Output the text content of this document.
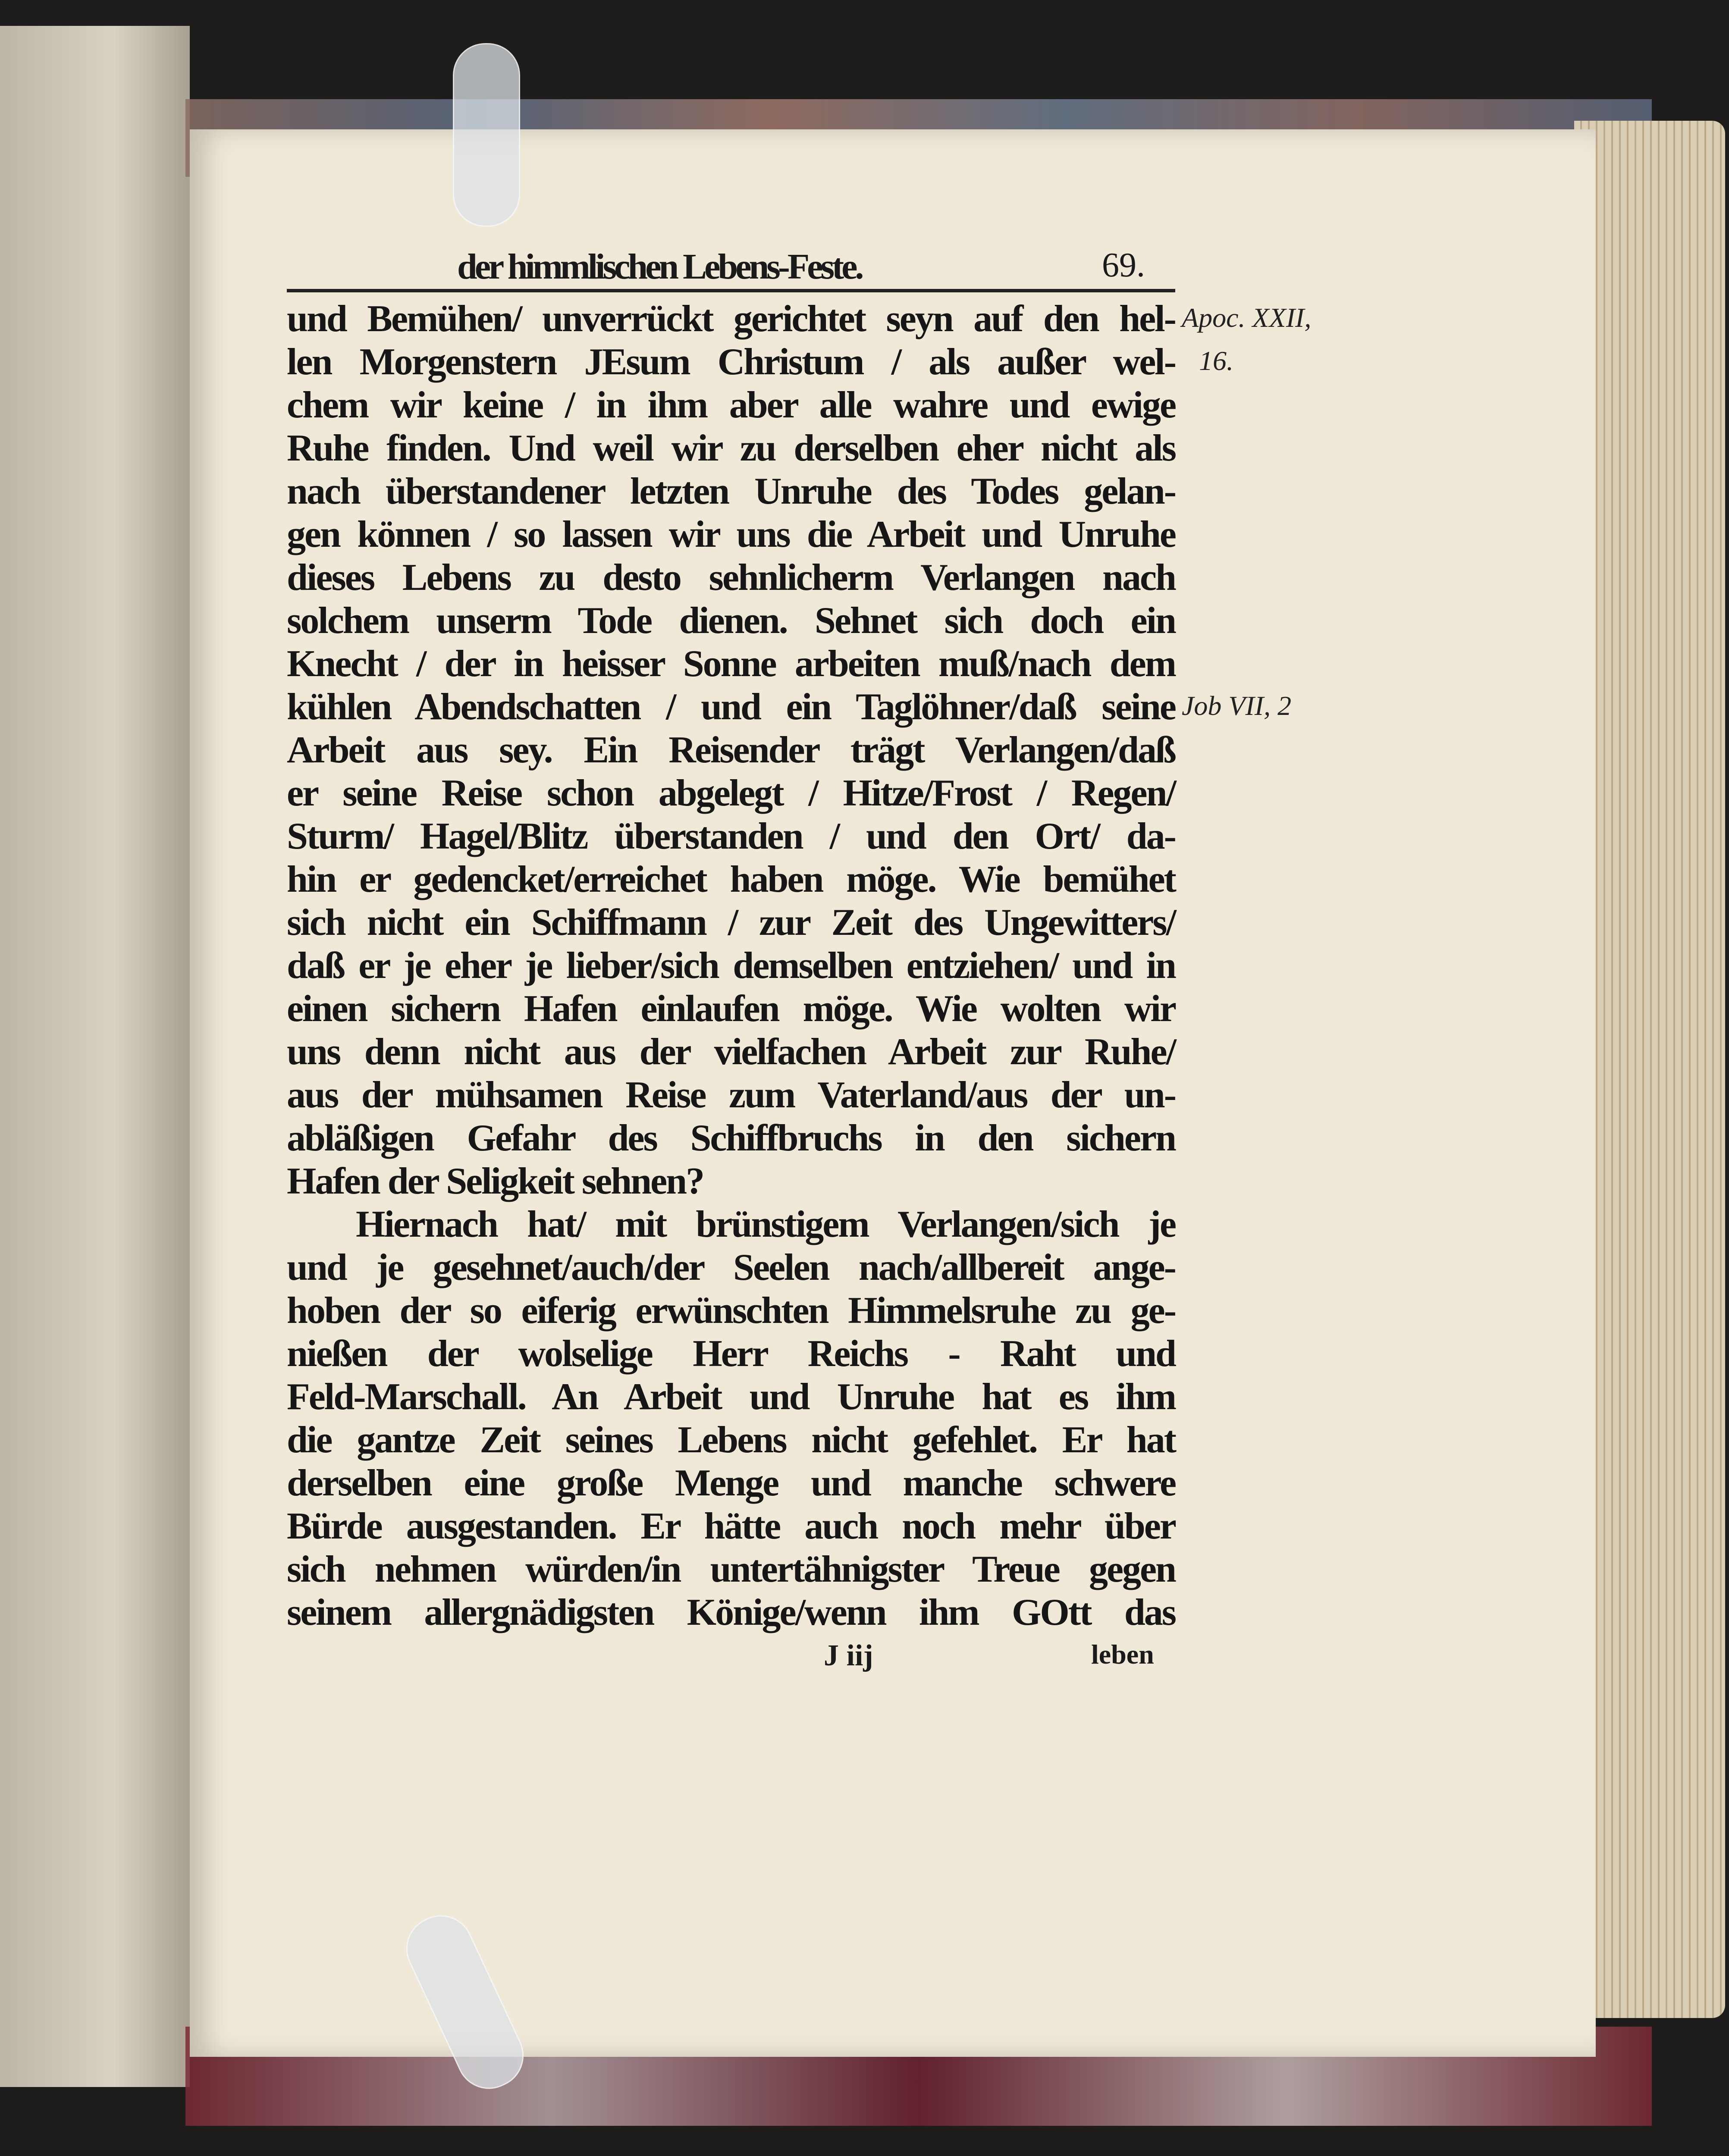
der himmlischen Lebens-Feste.	69.
und Bemühen/ unverrückt gerichtet seyn auf den hel-
len Morgenstern JEsum Christum / als außer wel-
chem wir keine / in ihm aber alle wahre und ewige
Ruhe finden. Und weil wir zu derselben eher nicht als
nach überstandener letzten Unruhe des Todes gelan-
gen können / so lassen wir uns die Arbeit und Unruhe
dieses Lebens zu desto sehnlicherm Verlangen nach
solchem unserm Tode dienen. Sehnet sich doch ein
Knecht / der in heisser Sonne arbeiten muß/nach dem
kühlen Abendschatten / und ein Taglöhner/daß seine
Arbeit aus sey. Ein Reisender trägt Verlangen/daß
er seine Reise schon abgelegt / Hitze/Frost / Regen/
Sturm/ Hagel/Blitz überstanden / und den Ort/ da-
hin er gedencket/erreichet haben möge. Wie bemühet
sich nicht ein Schiffmann / zur Zeit des Ungewitters/
daß er je eher je lieber/sich demselben entziehen/ und in
einen sichern Hafen einlaufen möge. Wie wolten wir
uns denn nicht aus der vielfachen Arbeit zur Ruhe/
aus der mühsamen Reise zum Vaterland/aus der un-
abläßigen Gefahr des Schiffbruchs in den sichern
Hafen der Seligkeit sehnen?
Hiernach hat/ mit brünstigem Verlangen/sich je
und je gesehnet/auch/der Seelen nach/allbereit ange-
hoben der so eiferig erwünschten Himmelsruhe zu ge-
nießen der wolselige Herr Reichs - Raht und
Feld-Marschall. An Arbeit und Unruhe hat es ihm
die gantze Zeit seines Lebens nicht gefehlet. Er hat
derselben eine große Menge und manche schwere
Bürde ausgestanden. Er hätte auch noch mehr über
sich nehmen würden/in untertähnigster Treue gegen
seinem allergnädigsten Könige/wenn ihm GOtt das
Apoc. XXII,
16.
Job VII, 2
J iij	leben
